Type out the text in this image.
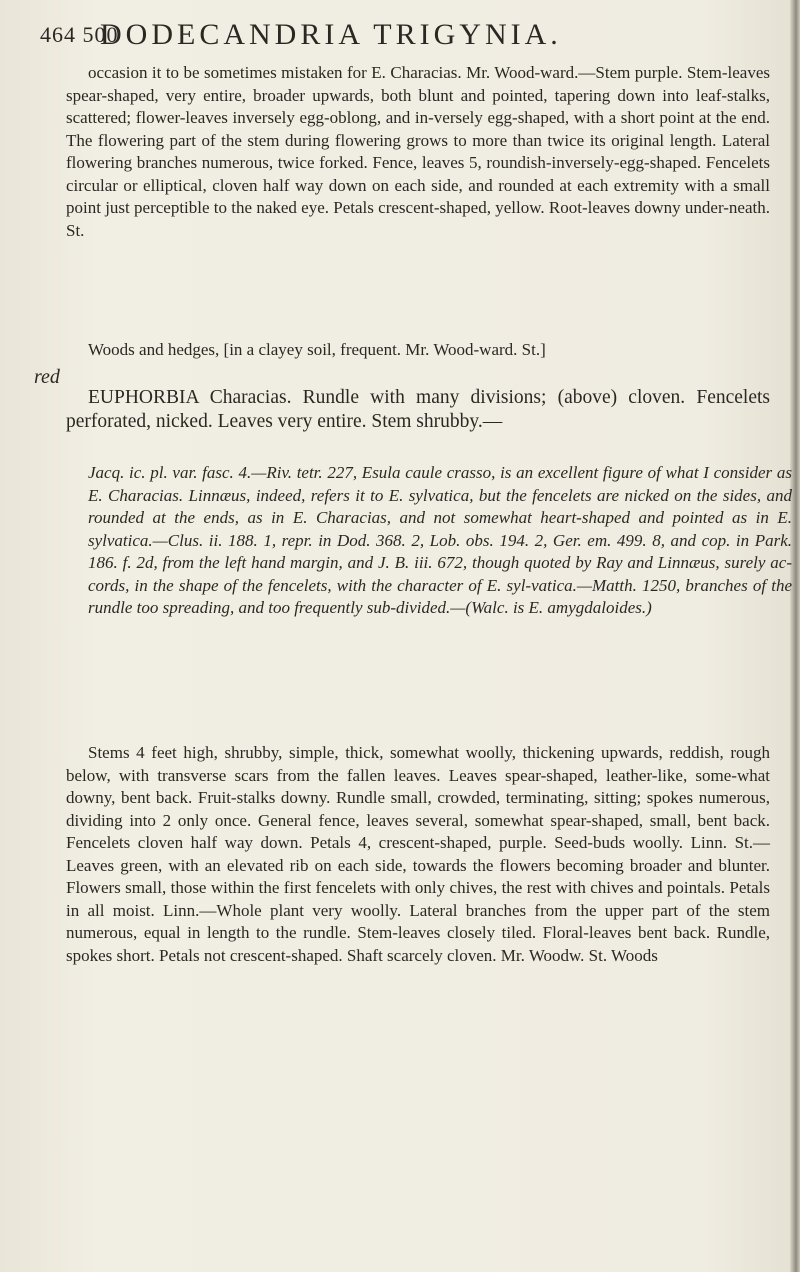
464 500
DODECANDRIA TRIGYNIA.

occasion it to be sometimes mistaken for E. Characias. Mr. Wood-ward.—Stem purple. Stem-leaves spear-shaped, very entire, broader upwards, both blunt and pointed, tapering down into leaf-stalks, scattered; flower-leaves inversely egg-oblong, and in-versely egg-shaped, with a short point at the end. The flowering part of the stem during flowering grows to more than twice its original length. Lateral flowering branches numerous, twice forked. Fence, leaves 5, roundish-inversely-egg-shaped. Fencelets circular or elliptical, cloven half way down on each side, and rounded at each extremity with a small point just perceptible to the naked eye. Petals crescent-shaped, yellow. Root-leaves downy under-neath. St.

Woods and hedges, [in a clayey soil, frequent. Mr. Wood-ward. St.]

red

EUPHORBIA Characias. Rundle with many divisions; (above) cloven. Fencelets perforated, nicked. Leaves very entire. Stem shrubby.—

Jacq. ic. pl. var. fasc. 4.—Riv. tetr. 227, Esula caule crasso, is an excellent figure of what I consider as E. Characias. Linnæus, indeed, refers it to E. sylvatica, but the fencelets are nicked on the sides, and rounded at the ends, as in E. Characias, and not somewhat heart-shaped and pointed as in E. sylvatica.—Clus. ii. 188. 1, repr. in Dod. 368. 2, Lob. obs. 194. 2, Ger. em. 499. 8, and cop. in Park. 186. f. 2d, from the left hand margin, and J. B. iii. 672, though quoted by Ray and Linnæus, surely ac-cords, in the shape of the fencelets, with the character of E. syl-vatica.—Matth. 1250, branches of the rundle too spreading, and too frequently sub-divided.—(Walc. is E. amygdaloides.)

Stems 4 feet high, shrubby, simple, thick, somewhat woolly, thickening upwards, reddish, rough below, with transverse scars from the fallen leaves. Leaves spear-shaped, leather-like, some-what downy, bent back. Fruit-stalks downy. Rundle small, crowded, terminating, sitting; spokes numerous, dividing into 2 only once. General fence, leaves several, somewhat spear-shaped, small, bent back. Fencelets cloven half way down. Petals 4, crescent-shaped, purple. Seed-buds woolly. Linn. St.—Leaves green, with an elevated rib on each side, towards the flowers becoming broader and blunter. Flowers small, those within the first fencelets with only chives, the rest with chives and pointals. Petals in all moist. Linn.—Whole plant very woolly. Lateral branches from the upper part of the stem numerous, equal in length to the rundle. Stem-leaves closely tiled. Floral-leaves bent back. Rundle, spokes short. Petals not crescent-shaped. Shaft scarcely cloven. Mr. Woodw. St. Woods
